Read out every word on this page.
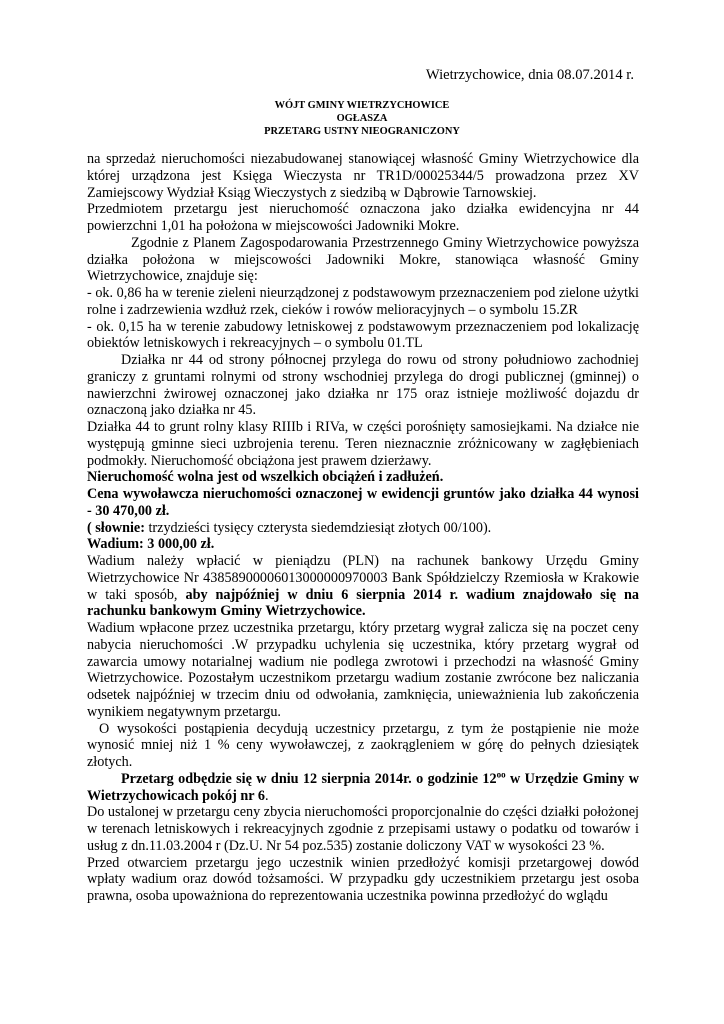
Wietrzychowice, dnia 08.07.2014 r.
WÓJT GMINY WIETRZYCHOWICE
OGŁASZA
PRZETARG USTNY NIEOGRANICZONY

na sprzedaż nieruchomości niezabudowanej stanowiącej własność Gminy Wietrzychowice dla której urządzona jest Księga Wieczysta nr TR1D/00025344/5 prowadzona przez XV Zamiejscowy Wydział Ksiąg Wieczystych z siedzibą w Dąbrowie Tarnowskiej.

Przedmiotem przetargu jest nieruchomość oznaczona jako działka ewidencyjna nr 44 powierzchni 1,01 ha położona w miejscowości Jadowniki Mokre.

Zgodnie z Planem Zagospodarowania Przestrzennego Gminy Wietrzychowice powyższa działka położona w miejscowości Jadowniki Mokre, stanowiąca własność Gminy Wietrzychowice, znajduje się:

- ok. 0,86 ha w terenie zieleni nieurządzonej z podstawowym przeznaczeniem pod zielone użytki rolne i zadrzewienia wzdłuż rzek, cieków i rowów melioracyjnych – o symbolu 15.ZR

- ok. 0,15 ha w terenie zabudowy letniskowej z podstawowym przeznaczeniem pod lokalizację obiektów letniskowych i rekreacyjnych – o symbolu 01.TL

Działka nr 44 od strony północnej przylega do rowu od strony południowo zachodniej graniczy z gruntami rolnymi od strony wschodniej przylega do drogi publicznej (gminnej) o nawierzchni żwirowej oznaczonej jako działka nr 175 oraz istnieje możliwość dojazdu dr oznaczoną jako działka nr 45.

Działka 44 to grunt rolny klasy RIIIb i RIVa, w części porośnięty samosiejkami. Na działce nie występują gminne sieci uzbrojenia terenu. Teren nieznacznie zróżnicowany w zagłębieniach podmokły. Nieruchomość obciążona jest prawem dzierżawy.

Nieruchomość wolna jest od wszelkich obciążeń i zadłużeń.

Cena wywoławcza nieruchomości oznaczonej w ewidencji gruntów jako działka 44 wynosi - 30 470,00 zł.

( słownie: trzydzieści tysięcy czterysta siedemdziesiąt złotych 00/100).

Wadium: 3 000,00 zł.

Wadium należy wpłacić w pieniądzu (PLN) na rachunek bankowy Urzędu Gminy Wietrzychowice Nr 43858900006013000000970003 Bank Spółdzielczy Rzemiosła w Krakowie w taki sposób, aby najpóźniej w dniu 6 sierpnia 2014 r. wadium znajdowało się na rachunku bankowym Gminy Wietrzychowice.

Wadium wpłacone przez uczestnika przetargu, który przetarg wygrał zalicza się na poczet ceny nabycia nieruchomości .W przypadku uchylenia się uczestnika, który przetarg wygrał od zawarcia umowy notarialnej wadium nie podlega zwrotowi i przechodzi na własność Gminy Wietrzychowice. Pozostałym uczestnikom przetargu wadium zostanie zwrócone bez naliczania odsetek najpóźniej w trzecim dniu od odwołania, zamknięcia, unieważnienia lub zakończenia wynikiem negatywnym przetargu.

O wysokości postąpienia decydują uczestnicy przetargu, z tym że postąpienie nie może wynosić mniej niż 1 % ceny wywoławczej, z zaokrągleniem w górę do pełnych dziesiątek złotych.

Przetarg odbędzie się w dniu 12 sierpnia 2014r. o godzinie $12^{oo}$ w Urzędzie Gminy w Wietrzychowicach pokój nr 6.

Do ustalonej w przetargu ceny zbycia nieruchomości proporcjonalnie do części działki położonej w terenach letniskowych i rekreacyjnych zgodnie z przepisami ustawy o podatku od towarów i usług z dn.11.03.2004 r (Dz.U. Nr 54 poz.535) zostanie doliczony VAT w wysokości 23 %.

Przed otwarciem przetargu jego uczestnik winien przedłożyć komisji przetargowej dowód wpłaty wadium oraz dowód tożsamości. W przypadku gdy uczestnikiem przetargu jest osoba prawna, osoba upoważniona do reprezentowania uczestnika powinna przedłożyć do wglądu
